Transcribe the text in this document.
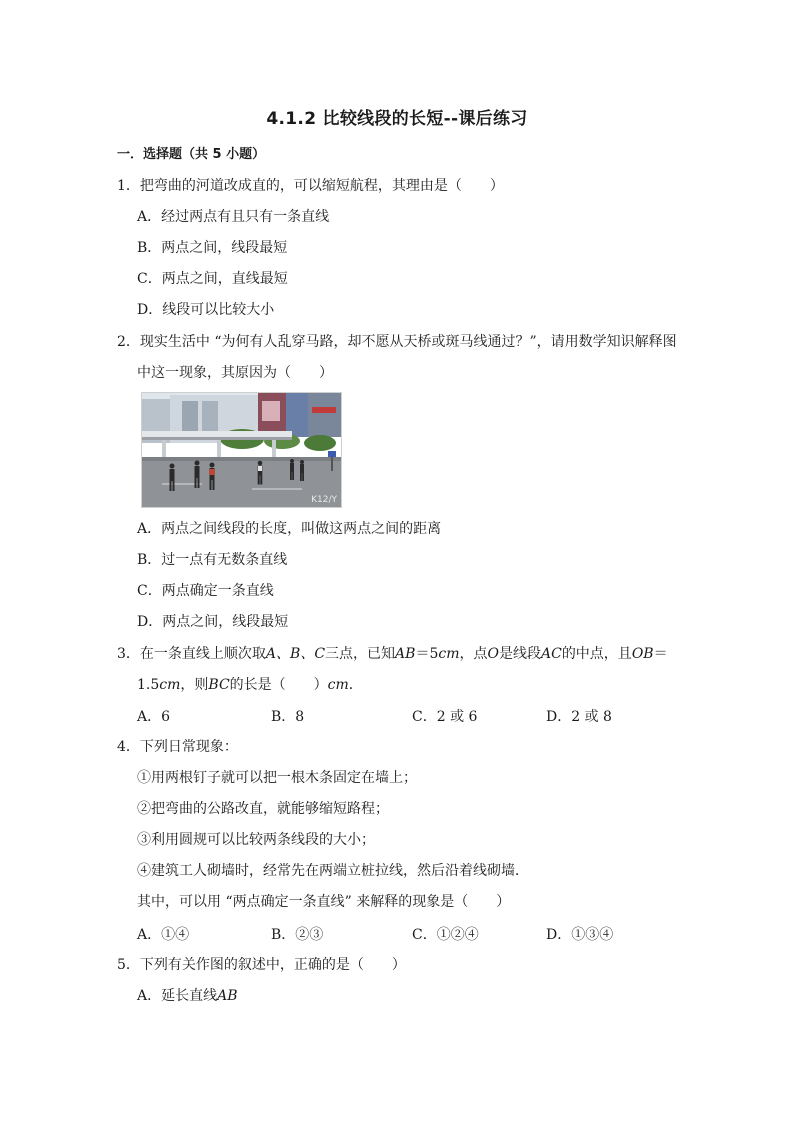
4.1.2 比较线段的长短--课后练习
一．选择题（共 5 小题）
1．把弯曲的河道改成直的，可以缩短航程，其理由是（　　）
A．经过两点有且只有一条直线
B．两点之间，线段最短
C．两点之间，直线最短
D．线段可以比较大小
2．现实生活中 “为何有人乱穿马路，却不愿从天桥或斑马线通过？”，请用数学知识解释图
中这一现象，其原因为（　　）
K12/Y
A．两点之间线段的长度，叫做这两点之间的距离
B．过一点有无数条直线
C．两点确定一条直线
D．两点之间，线段最短
3．在一条直线上顺次取A、B、C三点，已知AB＝5cm，点O是线段AC的中点，且OB＝
1.5cm，则BC的长是（　　）cm．
A．6	B．8	C．2 或 6	D．2 或 8
4．下列日常现象：
①用两根钉子就可以把一根木条固定在墙上；
②把弯曲的公路改直，就能够缩短路程；
③利用圆规可以比较两条线段的大小；
④建筑工人砌墙时，经常先在两端立桩拉线，然后沿着线砌墙．
其中，可以用 “两点确定一条直线” 来解释的现象是（　　）
A．①④	B．②③	C．①②④	D．①③④
5．下列有关作图的叙述中，正确的是（　　）
A．延长直线AB
